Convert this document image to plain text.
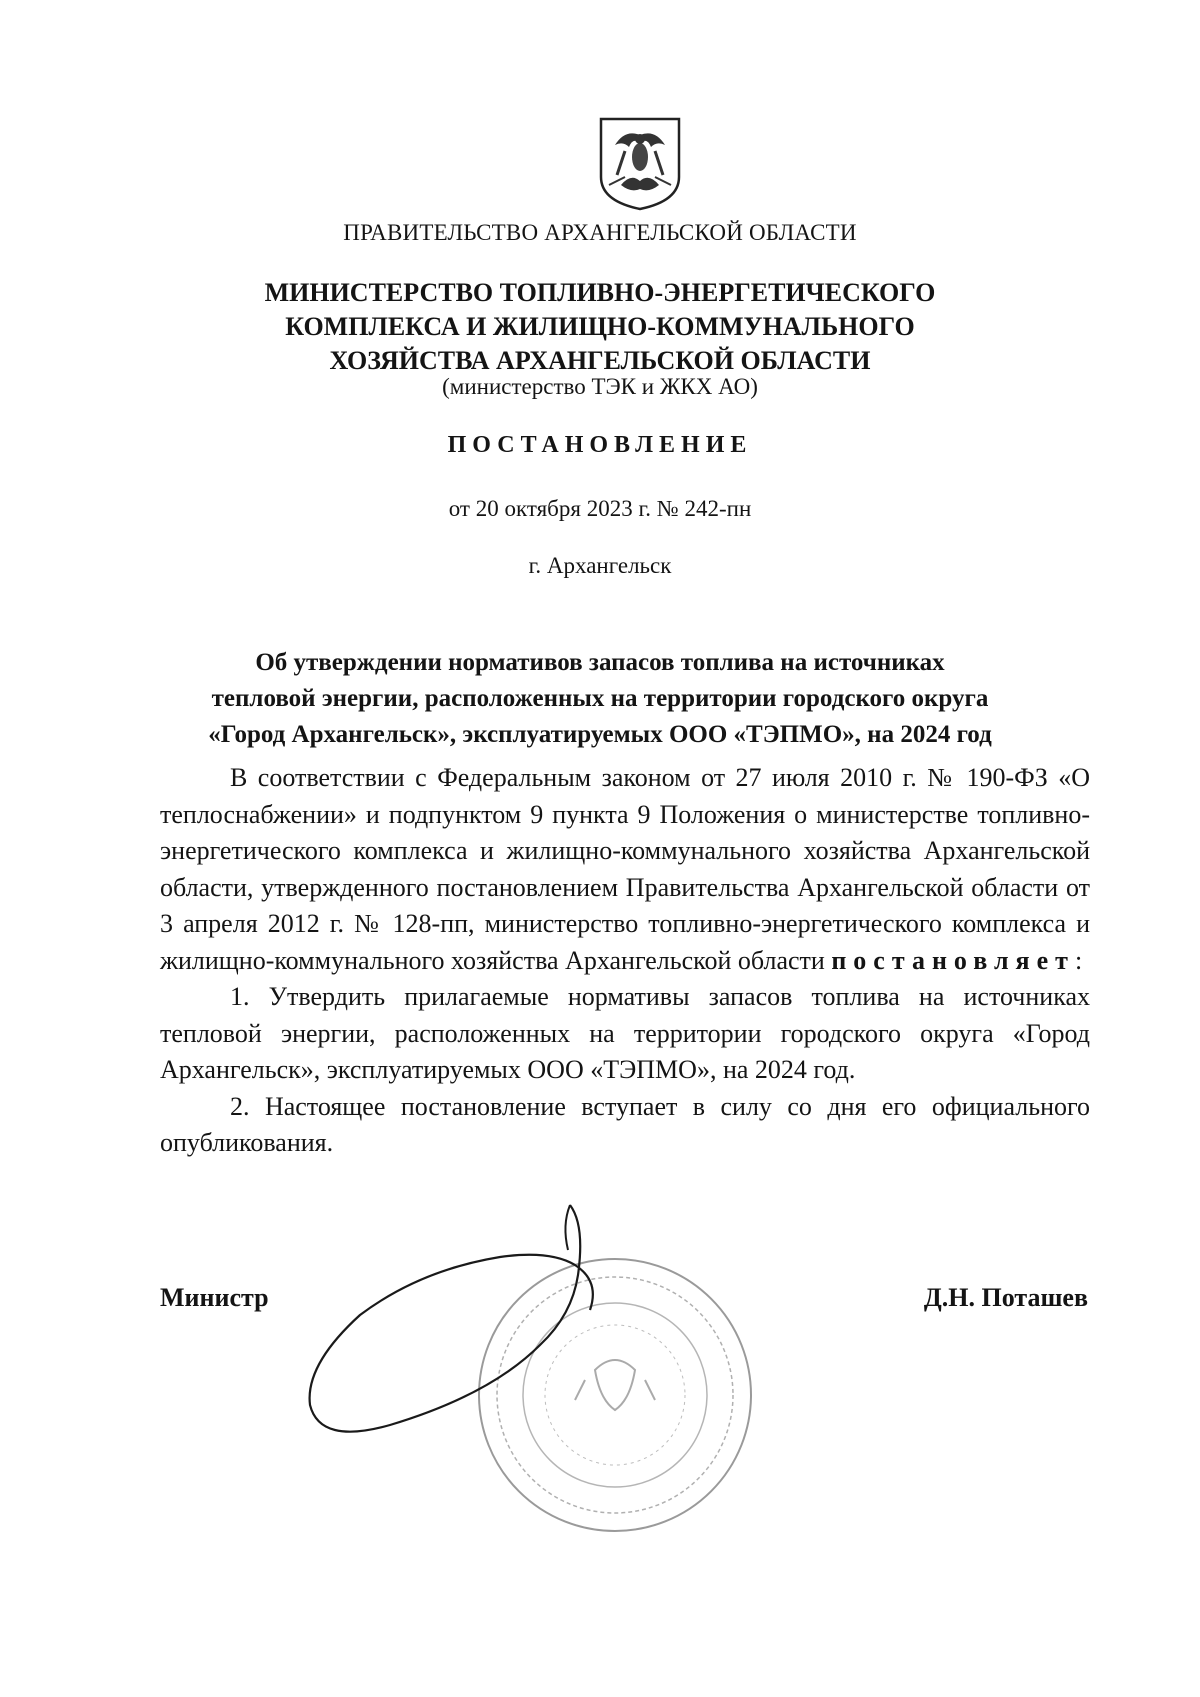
ПРАВИТЕЛЬСТВО АРХАНГЕЛЬСКОЙ ОБЛАСТИ
МИНИСТЕРСТВО ТОПЛИВНО-ЭНЕРГЕТИЧЕСКОГО
КОМПЛЕКСА И ЖИЛИЩНО-КОММУНАЛЬНОГО
ХОЗЯЙСТВА АРХАНГЕЛЬСКОЙ ОБЛАСТИ
(министерство ТЭК и ЖКХ АО)
ПОСТАНОВЛЕНИЕ
от 20 октября 2023 г. № 242-пн
г. Архангельск
Об утверждении нормативов запасов топлива на источниках
тепловой энергии, расположенных на территории городского округа
«Город Архангельск», эксплуатируемых ООО «ТЭПМО», на 2024 год

В соответствии с Федеральным законом от 27 июля 2010 г. № 190-ФЗ «О теплоснабжении» и подпунктом 9 пункта 9 Положения о министерстве топливно-энергетического комплекса и жилищно-коммунального хозяйства Архангельской области, утвержденного постановлением Правительства Архангельской области от 3 апреля 2012 г. № 128-пп, министерство топливно-энергетического комплекса и жилищно-коммунального хозяйства Архангельской области постановляет:

1. Утвердить прилагаемые нормативы запасов топлива на источниках тепловой энергии, расположенных на территории городского округа «Город Архангельск», эксплуатируемых ООО «ТЭПМО», на 2024 год.

2. Настоящее постановление вступает в силу со дня его официального опубликования.

Министр	Д.Н. Поташев
